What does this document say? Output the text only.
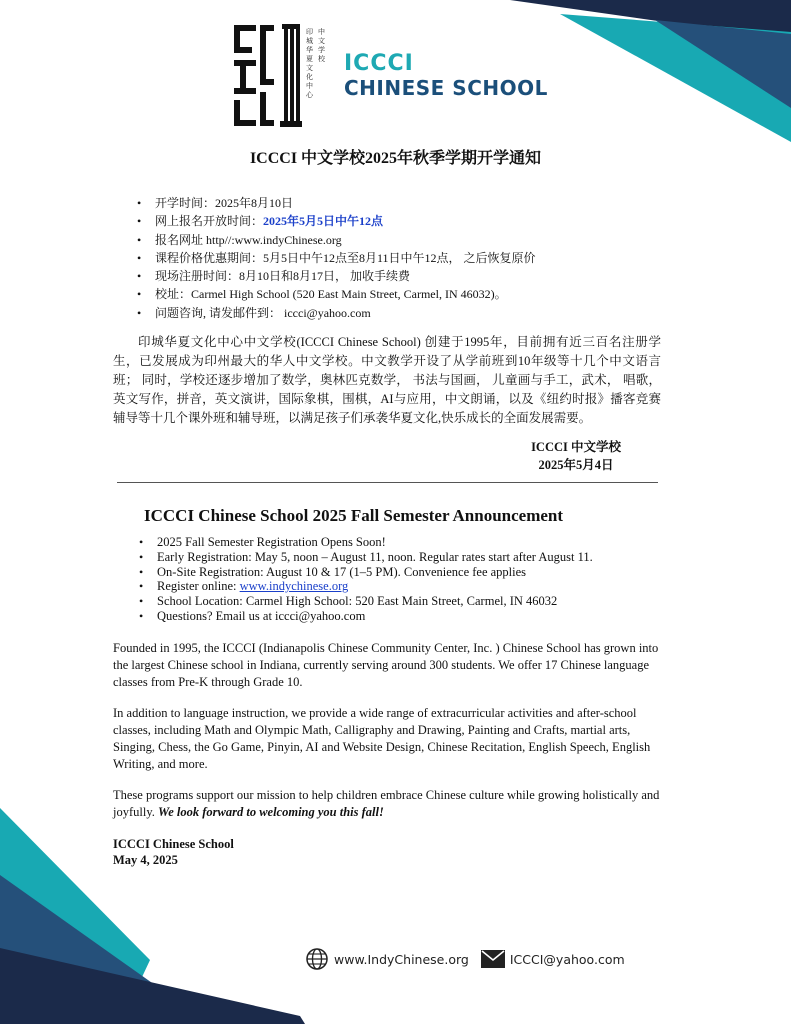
中文学校
印城华夏文化中心
ICCCI
CHINESE SCHOOL
ICCCI 中文学校2025年秋季学期开学通知
• 开学时间：2025年8月10日
• 网上报名开放时间：2025年5月5日中午12点
• 报名网址 http//:www.indyChinese.org
• 课程价格优惠期间：5月5日中午12点至8月11日中午12点， 之后恢复原价
• 现场注册时间：8月10日和8月17日， 加收手续费
• 校址：Carmel High School (520 East Main Street, Carmel, IN 46032)。
• 问题咨询, 请发邮件到： iccci@yahoo.com
印城华夏文化中心中文学校(ICCCI Chinese School) 创建于1995年，目前拥有近三百名注册学生，已发展成为印州最大的华人中文学校。中文教学开设了从学前班到10年级等十几个中文语言班； 同时，学校还逐步增加了数学，奥林匹克数学， 书法与国画， 儿童画与手工，武术， 唱歌， 英文写作，拼音，英文演讲，国际象棋，围棋，AI与应用，中文朗诵，以及《纽约时报》播客竞赛辅导等十几个课外班和辅导班，以满足孩子们承袭华夏文化,快乐成长的全面发展需要。
ICCCI 中文学校
2025年5月4日
ICCCI Chinese School 2025 Fall Semester Announcement
• 2025 Fall Semester Registration Opens Soon!
• Early Registration: May 5, noon – August 11, noon. Regular rates start after August 11.
• On-Site Registration: August 10 & 17 (1–5 PM). Convenience fee applies
• Register online: www.indychinese.org
• School Location: Carmel High School: 520 East Main Street, Carmel, IN 46032
• Questions? Email us at iccci@yahoo.com
Founded in 1995, the ICCCI (Indianapolis Chinese Community Center, Inc. ) Chinese School has grown into the largest Chinese school in Indiana, currently serving around 300 students. We offer 17 Chinese language classes from Pre-K through Grade 10.
In addition to language instruction, we provide a wide range of extracurricular activities and after-school classes, including Math and Olympic Math, Calligraphy and Drawing, Painting and Crafts, martial arts, Singing, Chess, the Go Game, Pinyin, AI and Website Design, Chinese Recitation, English Speech, English Writing, and more.
These programs support our mission to help children embrace Chinese culture while growing holistically and joyfully. We look forward to welcoming you this fall!
ICCCI Chinese School
May 4, 2025
www.IndyChinese.org	ICCCI@yahoo.com
